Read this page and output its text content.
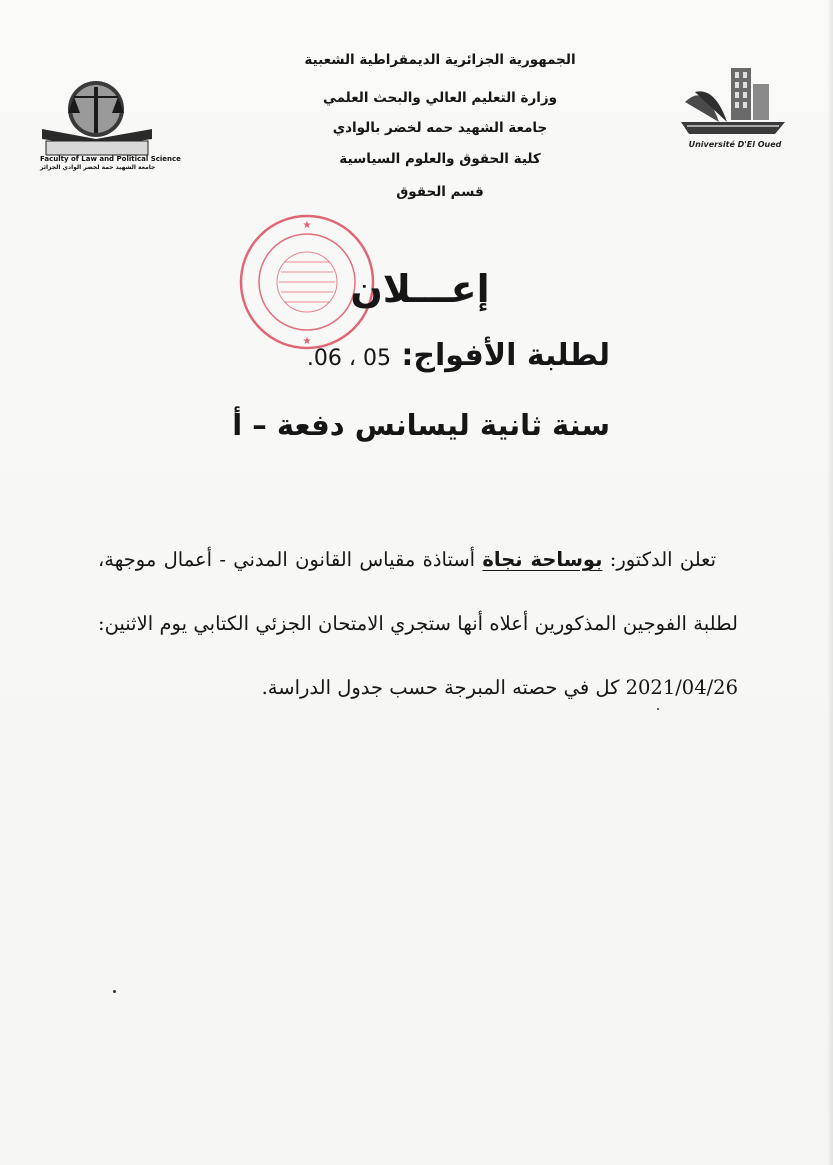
Faculty of Law and Political Science
جامعة الشهيد حمة لخضر الوادي الجزائر
Université D'El Oued
الجمهورية الجزائرية الديمقراطية الشعبية
وزارة التعليم العالي والبحث العلمي
جامعة الشهيد حمه لخضر بالوادي
كلية الحقوق والعلوم السياسية
قسم الحقوق
★
★
إعـــلان
لطلبة الأفواج: 05 ، 06.
سنة ثانية ليسانس دفعة – أ
تعلن الدكتور: بوساحة نجاة أستاذة مقياس القانون المدني - أعمال موجهة، لطلبة الفوجين المذكورين أعلاه أنها ستجري الامتحان الجزئي الكتابي يوم الاثنين: 2021/04/26 كل في حصته المبرجة حسب جدول الدراسة.
